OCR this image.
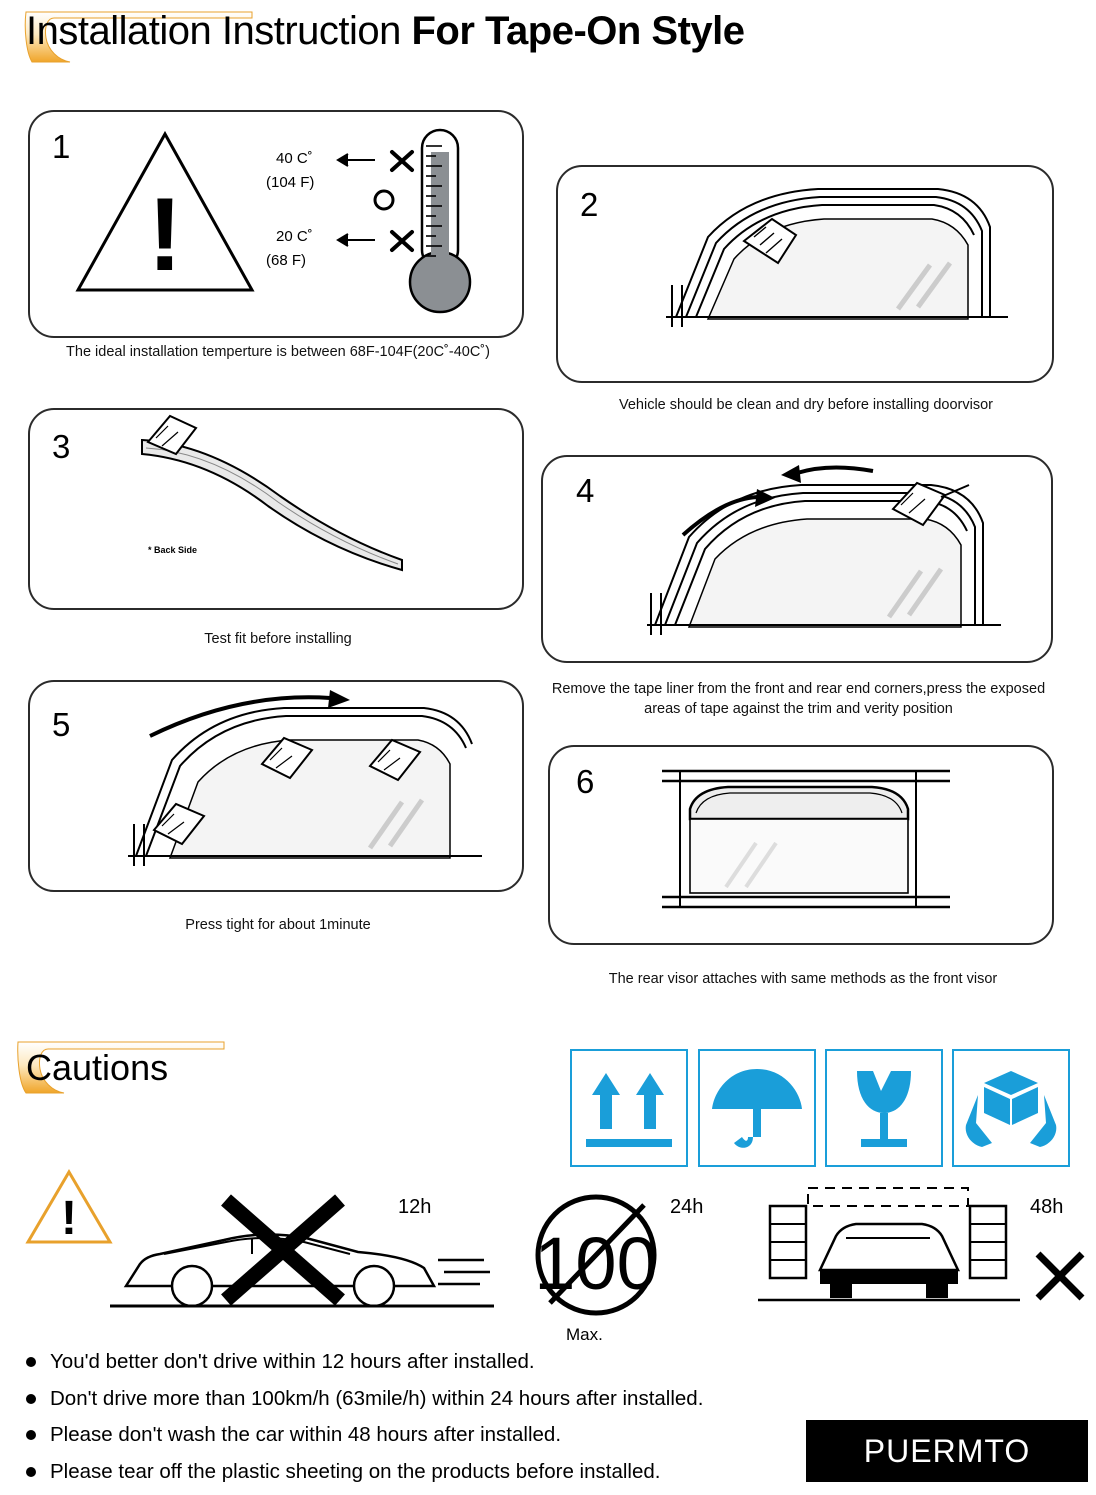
Installation Instruction For Tape-On Style
!
40 C˚
(104 F)
20 C˚
(68 F)
1
The ideal installation temperture is between 68F-104F(20C˚-40C˚)
2
Vehicle should be clean and dry before installing doorvisor
* Back Side
3
Test fit before installing
4
Remove the tape liner from the front and rear end corners,press the exposed areas of tape against the trim and verity position
5
Press tight for about 1minute
6
The rear visor attaches with same methods as the front visor
Cautions
!	12h
100
24h
Max.
48h
You'd better don't drive within 12 hours after installed.
Don't drive more than 100km/h (63mile/h) within 24 hours after installed.
Please don't wash the car within 48 hours after installed.
Please tear off the plastic sheeting on the products before installed.
PUERMTO
